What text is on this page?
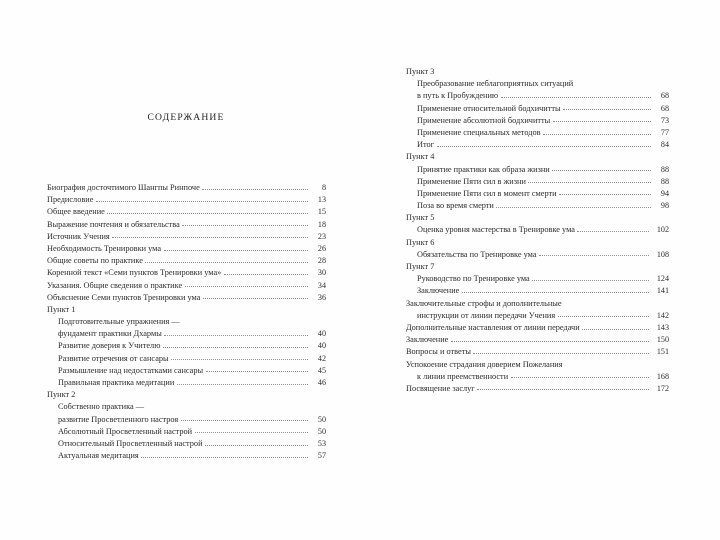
СОДЕРЖАНИЕ
Биография досточтимого Шангпы Ринпоче	8
Предисловие	13
Общее введение	15
Выражение почтения и обязательства	18
Источник Учения	23
Необходимость Тренировки ума	26
Общие советы по практике	28
Коренной текст «Семи пунктов Тренировки ума»	30
Указания. Общие сведения о практике	34
Объяснение Семи пунктов Тренировки ума	36
Пункт 1
Подготовительные упражнения —
фундамент практики Дхармы	40
Развитие доверия к Учителю	40
Развитие отречения от сансары	42
Размышление над недостатками сансары	45
Правильная практика медитации	46
Пункт 2
Собственно практика —
развитие Просветленного настроя	50
Абсолютный Просветленный настрой	50
Относительный Просветленный настрой	53
Актуальная медитация	57
Пункт 3
Преобразование неблагоприятных ситуаций
в путь к Пробуждению	68
Применение относительной бодхичитты	68
Применение абсолютной бодхичитты	73
Применение специальных методов	77
Итог	84
Пункт 4
Принятие практики как образа жизни	88
Применение Пяти сил в жизни	88
Применение Пяти сил в момент смерти	94
Поза во время смерти	98
Пункт 5
Оценка уровня мастерства в Тренировке ума	102
Пункт 6
Обязательства по Тренировке ума	108
Пункт 7
Руководство по Тренировке ума	124
Заключение	141
Заключительные строфы и дополнительные
инструкции от линии передачи Учения	142
Дополнительные наставления от линии передачи	143
Заключение	150
Вопросы и ответы	151
Успокоение страдания доверием Пожелания
к линии преемственности	168
Посвящение заслуг	172
